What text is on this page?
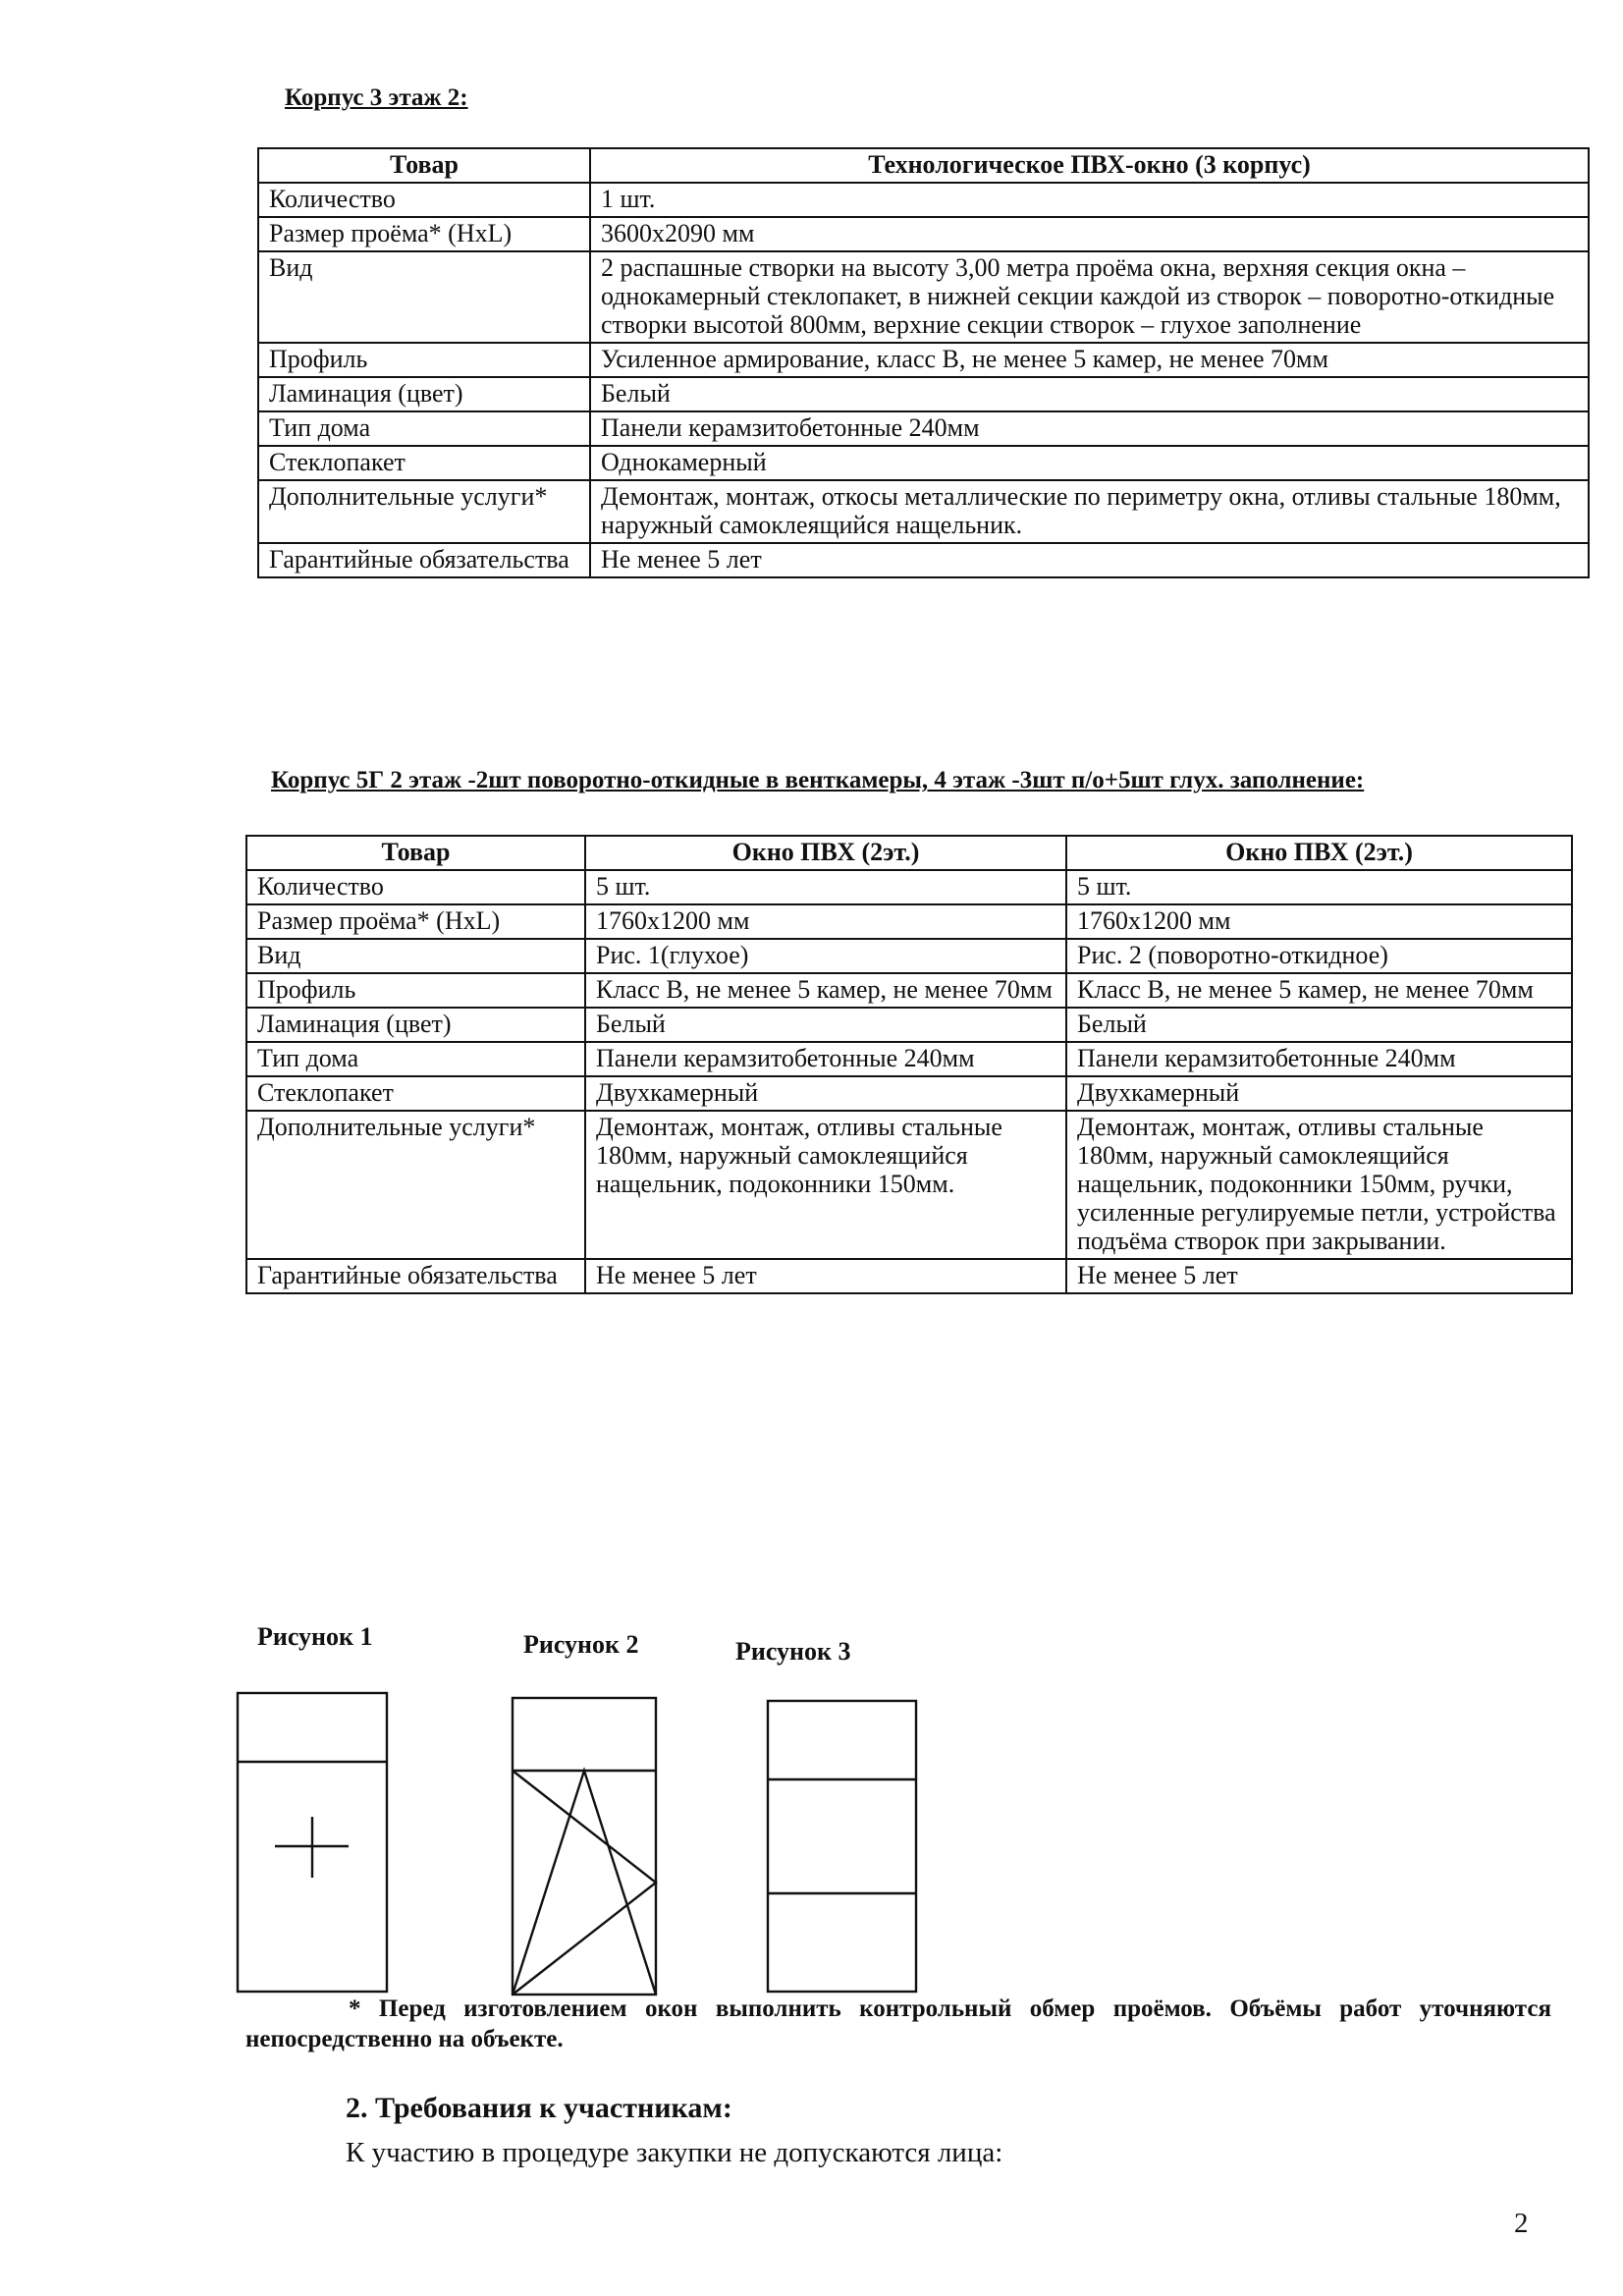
Корпус 3 этаж 2:
Товар	Технологическое ПВХ-окно (3 корпус)
Количество	1 шт.
Размер проёма* (HxL)	3600x2090 мм
Вид	2 распашные створки на высоту 3,00 метра проёма окна, верхняя секция окна – однокамерный стеклопакет, в нижней секции каждой из створок – поворотно-откидные створки высотой 800мм, верхние секции створок – глухое заполнение
Профиль	Усиленное армирование, класс В, не менее 5 камер, не менее 70мм
Ламинация (цвет)	Белый
Тип дома	Панели керамзитобетонные 240мм
Стеклопакет	Однокамерный
Дополнительные услуги*	Демонтаж, монтаж, откосы металлические по периметру окна, отливы стальные 180мм, наружный самоклеящийся нащельник.
Гарантийные обязательства	Не менее 5 лет
Корпус 5Г 2 этаж -2шт поворотно-откидные в венткамеры, 4 этаж -3шт п/о+5шт глух. заполнение:
Товар	Окно ПВХ (2эт.)	Окно ПВХ (2эт.)
Количество	5 шт.	5 шт.
Размер проёма* (HxL)	1760x1200 мм	1760x1200 мм
Вид	Рис. 1(глухое)	Рис. 2 (поворотно-откидное)
Профиль	Класс В, не менее 5 камер, не менее 70мм	Класс В, не менее 5 камер, не менее 70мм
Ламинация (цвет)	Белый	Белый
Тип дома	Панели керамзитобетонные 240мм	Панели керамзитобетонные 240мм
Стеклопакет	Двухкамерный	Двухкамерный
Дополнительные услуги*	Демонтаж, монтаж, отливы стальные 180мм, наружный самоклеящийся нащельник, подоконники 150мм.	Демонтаж, монтаж, отливы стальные 180мм, наружный самоклеящийся нащельник, подоконники 150мм, ручки, усиленные регулируемые петли, устройства подъёма створок при закрывании.
Гарантийные обязательства	Не менее 5 лет	Не менее 5 лет
Рисунок 1	Рисунок 2	Рисунок 3
* Перед изготовлением окон выполнить контрольный обмер проёмов. Объёмы работ уточняются непосредственно на объекте.
2. Требования к участникам:
К участию в процедуре закупки не допускаются лица:
2
